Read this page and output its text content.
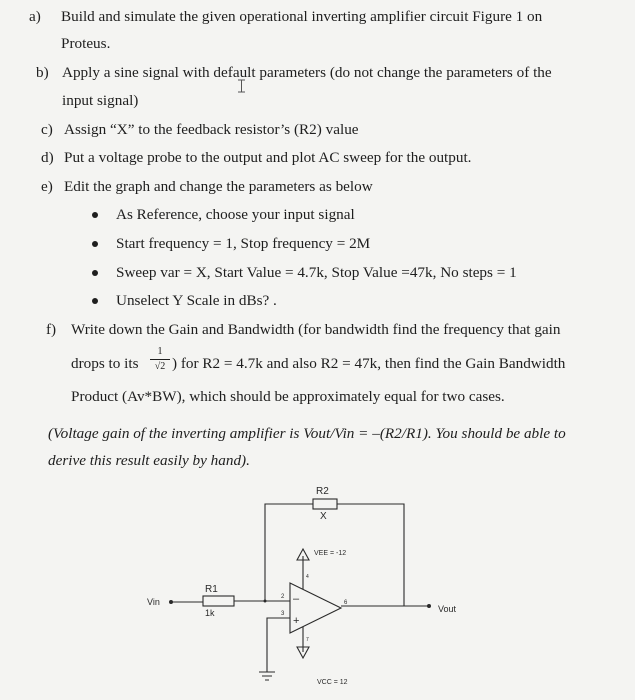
a) Build and simulate the given operational inverting amplifier circuit Figure 1 on
Proteus.
b) Apply a sine signal with default parameters (do not change the parameters of the
input signal)
c) Assign “X” to the feedback resistor’s (R2) value
d) Put a voltage probe to the output and plot AC sweep for the output.
e) Edit the graph and change the parameters as below
As Reference, choose your input signal
Start frequency = 1, Stop frequency = 2M
Sweep var = X, Start Value = 4.7k, Stop Value =47k, No steps = 1
Unselect Y Scale in dBs? .
f) Write down the Gain and Bandwidth (for bandwidth find the frequency that gain
drops to its
1
√2 ) for R2 = 4.7k and also R2 = 47k, then find the Gain Bandwidth
Product (Av*BW), which should be approximately equal for two cases.
(Voltage gain of the inverting amplifier is Vout/Vin = –(R2/R1). You should be able to
derive this result easily by hand).
R2
X
R1
1k
Vin
Vout
VEE = -12
VCC = 12
2
3
6
4
7
–
+
